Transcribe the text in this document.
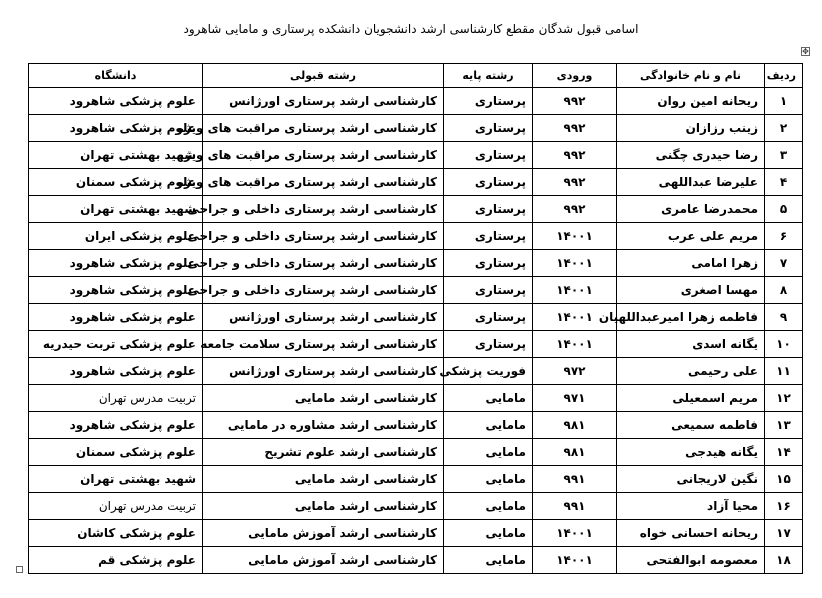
اسامی قبول شدگان مقطع کارشناسی ارشد دانشجویان دانشکده پرستاری و مامایی شاهرود
✥
ردیف	نام و نام خانوادگی	ورودی	رشته پایه	رشته قبولی	دانشگاه
۱	ریحانه امین روان	۹۹۲	پرستاری	کارشناسی ارشد پرستاری اورژانس	علوم پزشکی شاهرود
۲	زینب رزازان	۹۹۲	پرستاری	کارشناسی ارشد پرستاری مراقبت های ویژه	علوم پزشکی شاهرود
۳	رضا حیدری چگنی	۹۹۲	پرستاری	کارشناسی ارشد پرستاری مراقبت های ویژه	شهید بهشتی تهران
۴	علیرضا عبداللهی	۹۹۲	پرستاری	کارشناسی ارشد پرستاری مراقبت های ویژه	علوم پزشکی سمنان
۵	محمدرضا عامری	۹۹۲	پرستاری	کارشناسی ارشد پرستاری داخلی و جراحی	شهید بهشتی تهران
۶	مریم علی عرب	۱۴۰۰۱	پرستاری	کارشناسی ارشد پرستاری داخلی و جراحی	علوم پزشکی ایران
۷	زهرا امامی	۱۴۰۰۱	پرستاری	کارشناسی ارشد پرستاری داخلی و جراحی	علوم پزشکی شاهرود
۸	مهسا اصغری	۱۴۰۰۱	پرستاری	کارشناسی ارشد پرستاری داخلی و جراحی	علوم پزشکی شاهرود
۹	فاطمه زهرا امیرعبداللهیان	۱۴۰۰۱	پرستاری	کارشناسی ارشد پرستاری اورژانس	علوم پزشکی شاهرود
۱۰	یگانه اسدی	۱۴۰۰۱	پرستاری	کارشناسی ارشد پرستاری سلامت جامعه	علوم پزشکی تربت حیدریه
۱۱	علی رحیمی	۹۷۲	فوریت پزشکی	کارشناسی ارشد پرستاری اورژانس	علوم پزشکی شاهرود
۱۲	مریم اسمعیلی	۹۷۱	مامایی	کارشناسی ارشد مامایی	تربیت مدرس تهران
۱۳	فاطمه سمیعی	۹۸۱	مامایی	کارشناسی ارشد مشاوره در مامایی	علوم پزشکی شاهرود
۱۴	یگانه هیدجی	۹۸۱	مامایی	کارشناسی ارشد علوم تشریح	علوم پزشکی سمنان
۱۵	نگین لاریجانی	۹۹۱	مامایی	کارشناسی ارشد مامایی	شهید بهشتی تهران
۱۶	محیا آزاد	۹۹۱	مامایی	کارشناسی ارشد مامایی	تربیت مدرس تهران
۱۷	ریحانه احسانی خواه	۱۴۰۰۱	مامایی	کارشناسی ارشد آموزش مامایی	علوم پزشکی کاشان
۱۸	معصومه ابوالفتحی	۱۴۰۰۱	مامایی	کارشناسی ارشد آموزش مامایی	علوم پزشکی قم
